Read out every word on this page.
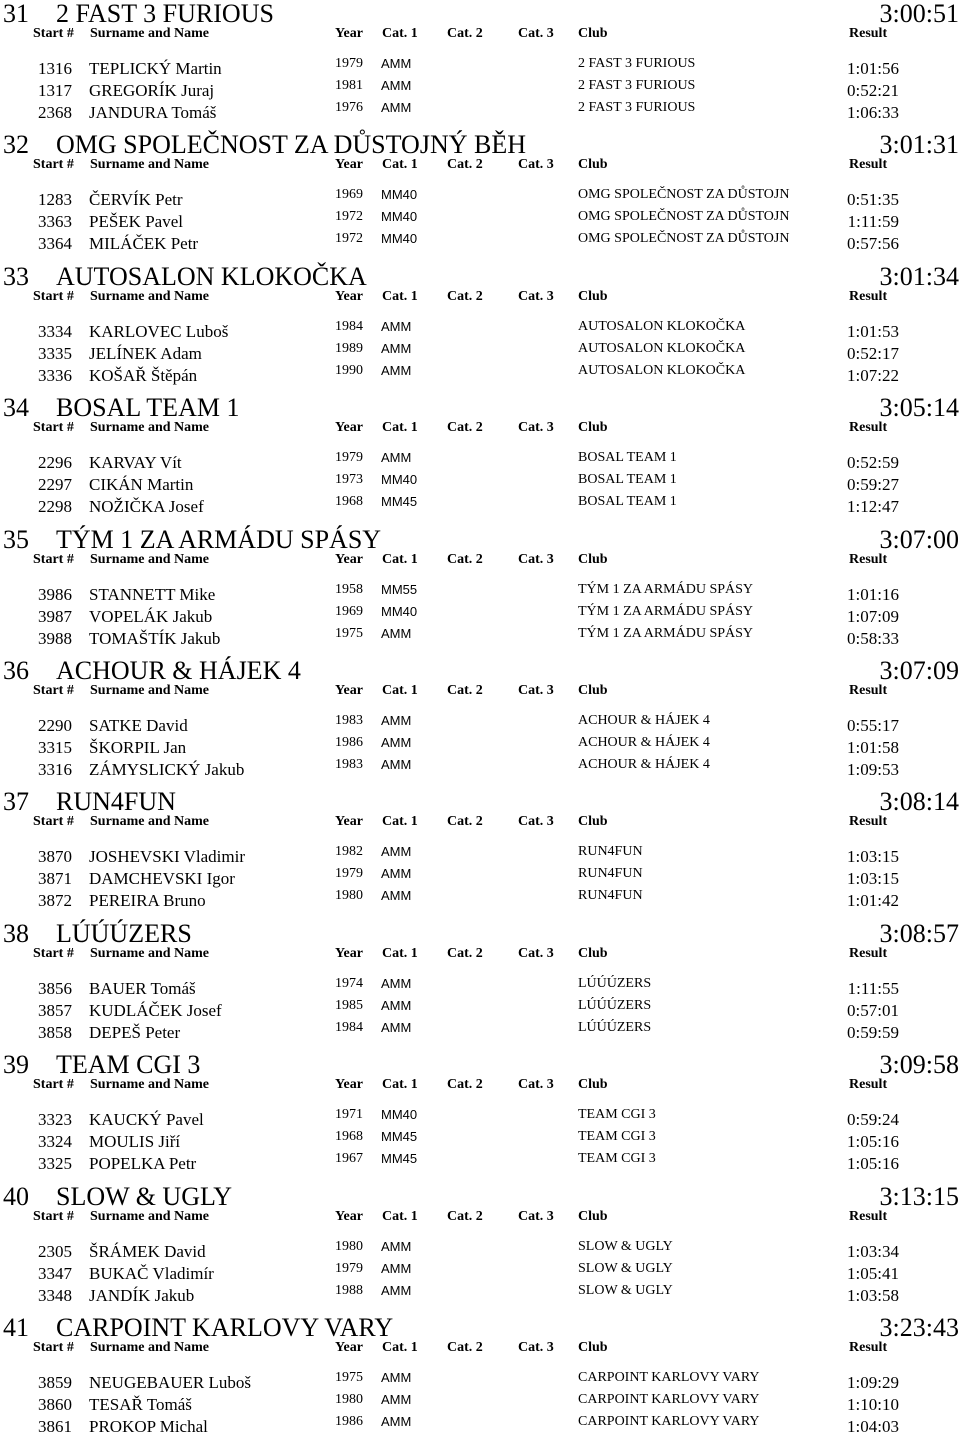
31 2 FAST 3 FURIOUS	3:00:51
Start # Surname and Name	Year Cat. 1 Cat. 2	Cat. 3 Club	Result
1316 TEPLICKÝ Martin	1979 AMM	2 FAST 3 FURIOUS	1:01:56
1317 GREGORÍK Juraj	1981 AMM	2 FAST 3 FURIOUS	0:52:21
2368 JANDURA Tomáš	1976 AMM	2 FAST 3 FURIOUS	1:06:33
32 OMG SPOLEČNOST ZA DŮSTOJNÝ BĚH	3:01:31
Start # Surname and Name	Year Cat. 1 Cat. 2	Cat. 3 Club	Result
1283 ČERVÍK Petr	1969 MM40	OMG SPOLEČNOST ZA DŮSTOJN	0:51:35
3363 PEŠEK Pavel	1972 MM40	OMG SPOLEČNOST ZA DŮSTOJN	1:11:59
3364 MILÁČEK Petr	1972 MM40	OMG SPOLEČNOST ZA DŮSTOJN	0:57:56
33 AUTOSALON KLOKOČKA	3:01:34
Start # Surname and Name	Year Cat. 1 Cat. 2	Cat. 3 Club	Result
3334 KARLOVEC Luboš	1984 AMM	AUTOSALON KLOKOČKA	1:01:53
3335 JELÍNEK Adam	1989 AMM	AUTOSALON KLOKOČKA	0:52:17
3336 KOŠAŘ Štěpán	1990 AMM	AUTOSALON KLOKOČKA	1:07:22
34 BOSAL TEAM 1	3:05:14
Start # Surname and Name	Year Cat. 1 Cat. 2	Cat. 3 Club	Result
2296 KARVAY Vít	1979 AMM	BOSAL TEAM 1	0:52:59
2297 CIKÁN Martin	1973 MM40	BOSAL TEAM 1	0:59:27
2298 NOŽIČKA Josef	1968 MM45	BOSAL TEAM 1	1:12:47
35 TÝM 1 ZA ARMÁDU SPÁSY	3:07:00
Start # Surname and Name	Year Cat. 1 Cat. 2	Cat. 3 Club	Result
3986 STANNETT Mike	1958 MM55	TÝM 1 ZA ARMÁDU SPÁSY	1:01:16
3987 VOPELÁK Jakub	1969 MM40	TÝM 1 ZA ARMÁDU SPÁSY	1:07:09
3988 TOMAŠTÍK Jakub	1975 AMM	TÝM 1 ZA ARMÁDU SPÁSY	0:58:33
36 ACHOUR & HÁJEK 4	3:07:09
Start # Surname and Name	Year Cat. 1 Cat. 2	Cat. 3 Club	Result
2290 SATKE David	1983 AMM	ACHOUR & HÁJEK 4	0:55:17
3315 ŠKORPIL Jan	1986 AMM	ACHOUR & HÁJEK 4	1:01:58
3316 ZÁMYSLICKÝ Jakub	1983 AMM	ACHOUR & HÁJEK 4	1:09:53
37 RUN4FUN	3:08:14
Start # Surname and Name	Year Cat. 1 Cat. 2	Cat. 3 Club	Result
3870 JOSHEVSKI Vladimir	1982 AMM	RUN4FUN	1:03:15
3871 DAMCHEVSKI Igor	1979 AMM	RUN4FUN	1:03:15
3872 PEREIRA Bruno	1980 AMM	RUN4FUN	1:01:42
38 LÚÚÚZERS	3:08:57
Start # Surname and Name	Year Cat. 1 Cat. 2	Cat. 3 Club	Result
3856 BAUER Tomáš	1974 AMM	LÚÚÚZERS	1:11:55
3857 KUDLÁČEK Josef	1985 AMM	LÚÚÚZERS	0:57:01
3858 DEPEŠ Peter	1984 AMM	LÚÚÚZERS	0:59:59
39 TEAM CGI 3	3:09:58
Start # Surname and Name	Year Cat. 1 Cat. 2	Cat. 3 Club	Result
3323 KAUCKÝ Pavel	1971 MM40	TEAM CGI 3	0:59:24
3324 MOULIS Jiří	1968 MM45	TEAM CGI 3	1:05:16
3325 POPELKA Petr	1967 MM45	TEAM CGI 3	1:05:16
40 SLOW & UGLY	3:13:15
Start # Surname and Name	Year Cat. 1 Cat. 2	Cat. 3 Club	Result
2305 ŠRÁMEK David	1980 AMM	SLOW & UGLY	1:03:34
3347 BUKAČ Vladimír	1979 AMM	SLOW & UGLY	1:05:41
3348 JANDÍK Jakub	1988 AMM	SLOW & UGLY	1:03:58
41 CARPOINT KARLOVY VARY	3:23:43
Start # Surname and Name	Year Cat. 1 Cat. 2	Cat. 3 Club	Result
3859 NEUGEBAUER Luboš	1975 AMM	CARPOINT KARLOVY VARY	1:09:29
3860 TESAŘ Tomáš	1980 AMM	CARPOINT KARLOVY VARY	1:10:10
3861 PROKOP Michal	1986 AMM	CARPOINT KARLOVY VARY	1:04:03
